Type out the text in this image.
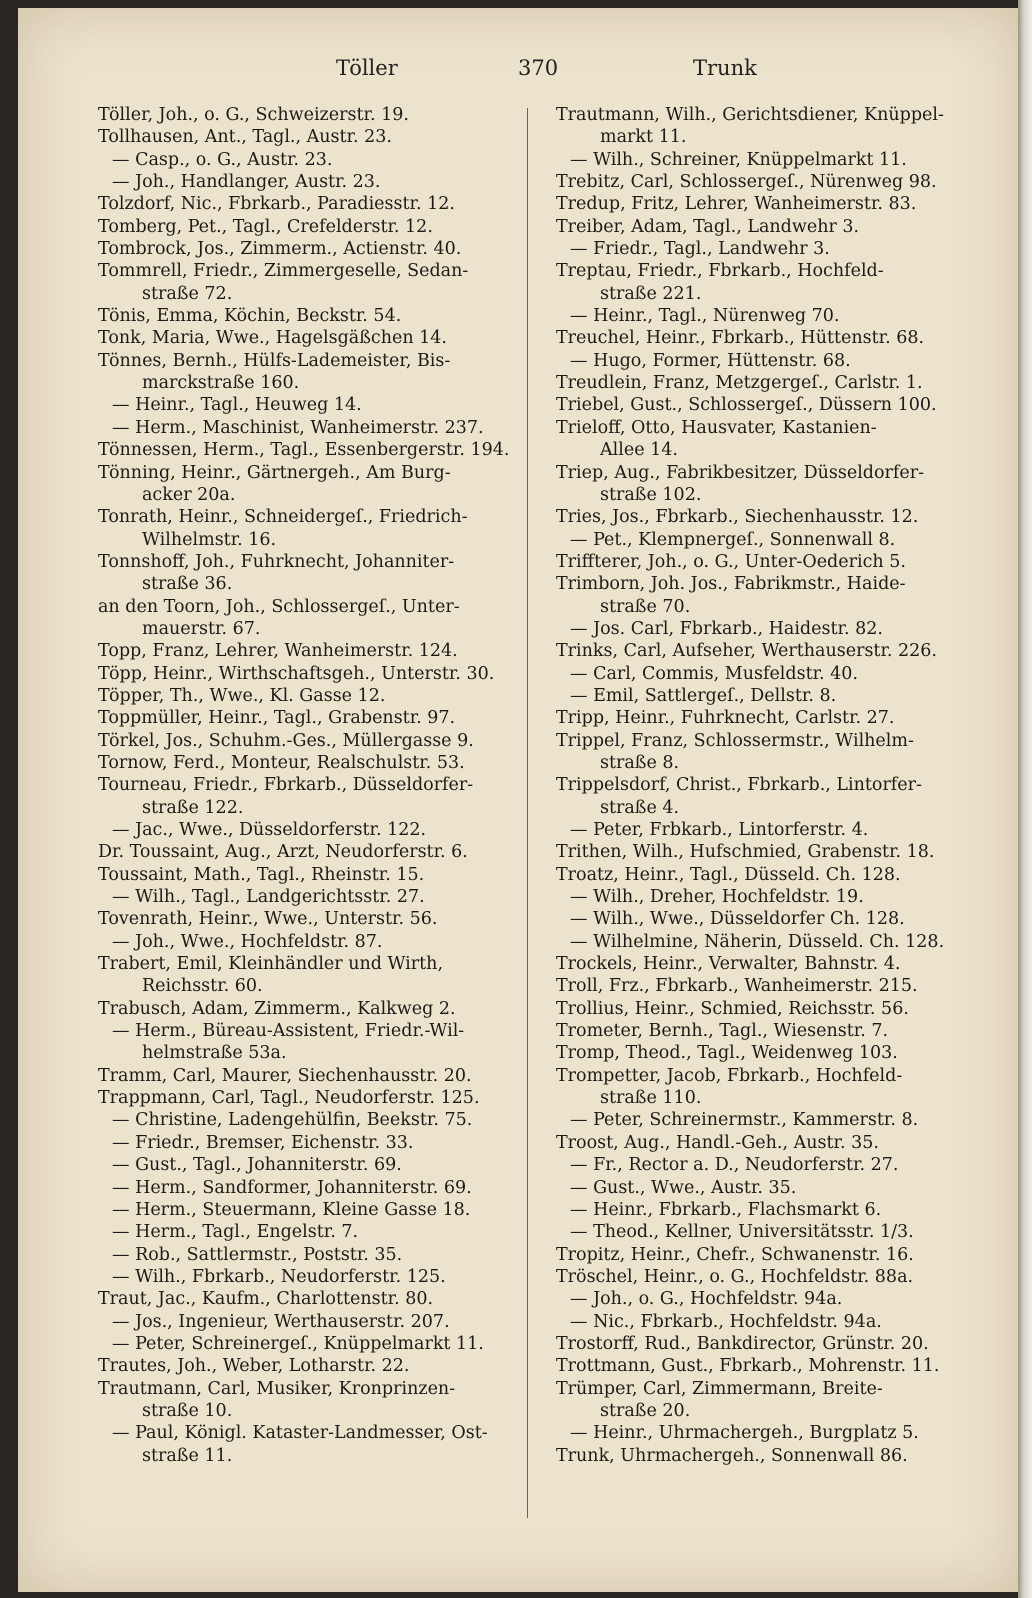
Töller	370	Trunk
Töller, Joh., o. G., Schweizerstr. 19.
Tollhausen, Ant., Tagl., Austr. 23.
— Casp., o. G., Austr. 23.
— Joh., Handlanger, Austr. 23.
Tolzdorf, Nic., Fbrkarb., Paradiesstr. 12.
Tomberg, Pet., Tagl., Crefelderstr. 12.
Tombrock, Jos., Zimmerm., Actienstr. 40.
Tommrell, Friedr., Zimmergeselle, Sedan-
straße 72.
Tönis, Emma, Köchin, Beckstr. 54.
Tonk, Maria, Wwe., Hagelsgäßchen 14.
Tönnes, Bernh., Hülfs-Lademeister, Bis-
marckstraße 160.
— Heinr., Tagl., Heuweg 14.
— Herm., Maschinist, Wanheimerstr. 237.
Tönnessen, Herm., Tagl., Essenbergerstr. 194.
Tönning, Heinr., Gärtnergeh., Am Burg-
acker 20a.
Tonrath, Heinr., Schneidergeſ., Friedrich-
Wilhelmstr. 16.
Tonnshoff, Joh., Fuhrknecht, Johanniter-
straße 36.
an den Toorn, Joh., Schlossergeſ., Unter-
mauerstr. 67.
Topp, Franz, Lehrer, Wanheimerstr. 124.
Töpp, Heinr., Wirthschaftsgeh., Unterstr. 30.
Töpper, Th., Wwe., Kl. Gasse 12.
Toppmüller, Heinr., Tagl., Grabenstr. 97.
Törkel, Jos., Schuhm.-Ges., Müllergasse 9.
Tornow, Ferd., Monteur, Realschulstr. 53.
Tourneau, Friedr., Fbrkarb., Düsseldorfer-
straße 122.
— Jac., Wwe., Düsseldorferstr. 122.
Dr. Toussaint, Aug., Arzt, Neudorferstr. 6.
Toussaint, Math., Tagl., Rheinstr. 15.
— Wilh., Tagl., Landgerichtsstr. 27.
Tovenrath, Heinr., Wwe., Unterstr. 56.
— Joh., Wwe., Hochfeldstr. 87.
Trabert, Emil, Kleinhändler und Wirth,
Reichsstr. 60.
Trabusch, Adam, Zimmerm., Kalkweg 2.
— Herm., Büreau-Assistent, Friedr.-Wil-
helmstraße 53a.
Tramm, Carl, Maurer, Siechenhausstr. 20.
Trappmann, Carl, Tagl., Neudorferstr. 125.
— Christine, Ladengehülfin, Beekstr. 75.
— Friedr., Bremser, Eichenstr. 33.
— Gust., Tagl., Johanniterstr. 69.
— Herm., Sandformer, Johanniterstr. 69.
— Herm., Steuermann, Kleine Gasse 18.
— Herm., Tagl., Engelstr. 7.
— Rob., Sattlermstr., Poststr. 35.
— Wilh., Fbrkarb., Neudorferstr. 125.
Traut, Jac., Kaufm., Charlottenstr. 80.
— Jos., Ingenieur, Werthauserstr. 207.
— Peter, Schreinergeſ., Knüppelmarkt 11.
Trautes, Joh., Weber, Lotharstr. 22.
Trautmann, Carl, Musiker, Kronprinzen-
straße 10.
— Paul, Königl. Kataster-Landmesser, Ost-
straße 11.
Trautmann, Wilh., Gerichtsdiener, Knüppel-
markt 11.
— Wilh., Schreiner, Knüppelmarkt 11.
Trebitz, Carl, Schlossergeſ., Nürenweg 98.
Tredup, Fritz, Lehrer, Wanheimerstr. 83.
Treiber, Adam, Tagl., Landwehr 3.
— Friedr., Tagl., Landwehr 3.
Treptau, Friedr., Fbrkarb., Hochfeld-
straße 221.
— Heinr., Tagl., Nürenweg 70.
Treuchel, Heinr., Fbrkarb., Hüttenstr. 68.
— Hugo, Former, Hüttenstr. 68.
Treudlein, Franz, Metzgergeſ., Carlstr. 1.
Triebel, Gust., Schlossergeſ., Düssern 100.
Trieloff, Otto, Hausvater, Kastanien-
Allee 14.
Triep, Aug., Fabrikbesitzer, Düsseldorfer-
straße 102.
Tries, Jos., Fbrkarb., Siechenhausstr. 12.
— Pet., Klempnergeſ., Sonnenwall 8.
Triffterer, Joh., o. G., Unter-Oederich 5.
Trimborn, Joh. Jos., Fabrikmstr., Haide-
straße 70.
— Jos. Carl, Fbrkarb., Haidestr. 82.
Trinks, Carl, Aufseher, Werthauserstr. 226.
— Carl, Commis, Musfeldstr. 40.
— Emil, Sattlergeſ., Dellstr. 8.
Tripp, Heinr., Fuhrknecht, Carlstr. 27.
Trippel, Franz, Schlossermstr., Wilhelm-
straße 8.
Trippelsdorf, Christ., Fbrkarb., Lintorfer-
straße 4.
— Peter, Frbkarb., Lintorferstr. 4.
Trithen, Wilh., Hufschmied, Grabenstr. 18.
Troatz, Heinr., Tagl., Düsseld. Ch. 128.
— Wilh., Dreher, Hochfeldstr. 19.
— Wilh., Wwe., Düsseldorfer Ch. 128.
— Wilhelmine, Näherin, Düsseld. Ch. 128.
Trockels, Heinr., Verwalter, Bahnstr. 4.
Troll, Frz., Fbrkarb., Wanheimerstr. 215.
Trollius, Heinr., Schmied, Reichsstr. 56.
Trometer, Bernh., Tagl., Wiesenstr. 7.
Tromp, Theod., Tagl., Weidenweg 103.
Trompetter, Jacob, Fbrkarb., Hochfeld-
straße 110.
— Peter, Schreinermstr., Kammerstr. 8.
Troost, Aug., Handl.-Geh., Austr. 35.
— Fr., Rector a. D., Neudorferstr. 27.
— Gust., Wwe., Austr. 35.
— Heinr., Fbrkarb., Flachsmarkt 6.
— Theod., Kellner, Universitätsstr. 1/3.
Tropitz, Heinr., Chefr., Schwanenstr. 16.
Tröschel, Heinr., o. G., Hochfeldstr. 88a.
— Joh., o. G., Hochfeldstr. 94a.
— Nic., Fbrkarb., Hochfeldstr. 94a.
Trostorff, Rud., Bankdirector, Grünstr. 20.
Trottmann, Gust., Fbrkarb., Mohrenstr. 11.
Trümper, Carl, Zimmermann, Breite-
straße 20.
— Heinr., Uhrmachergeh., Burgplatz 5.
Trunk, Uhrmachergeh., Sonnenwall 86.
